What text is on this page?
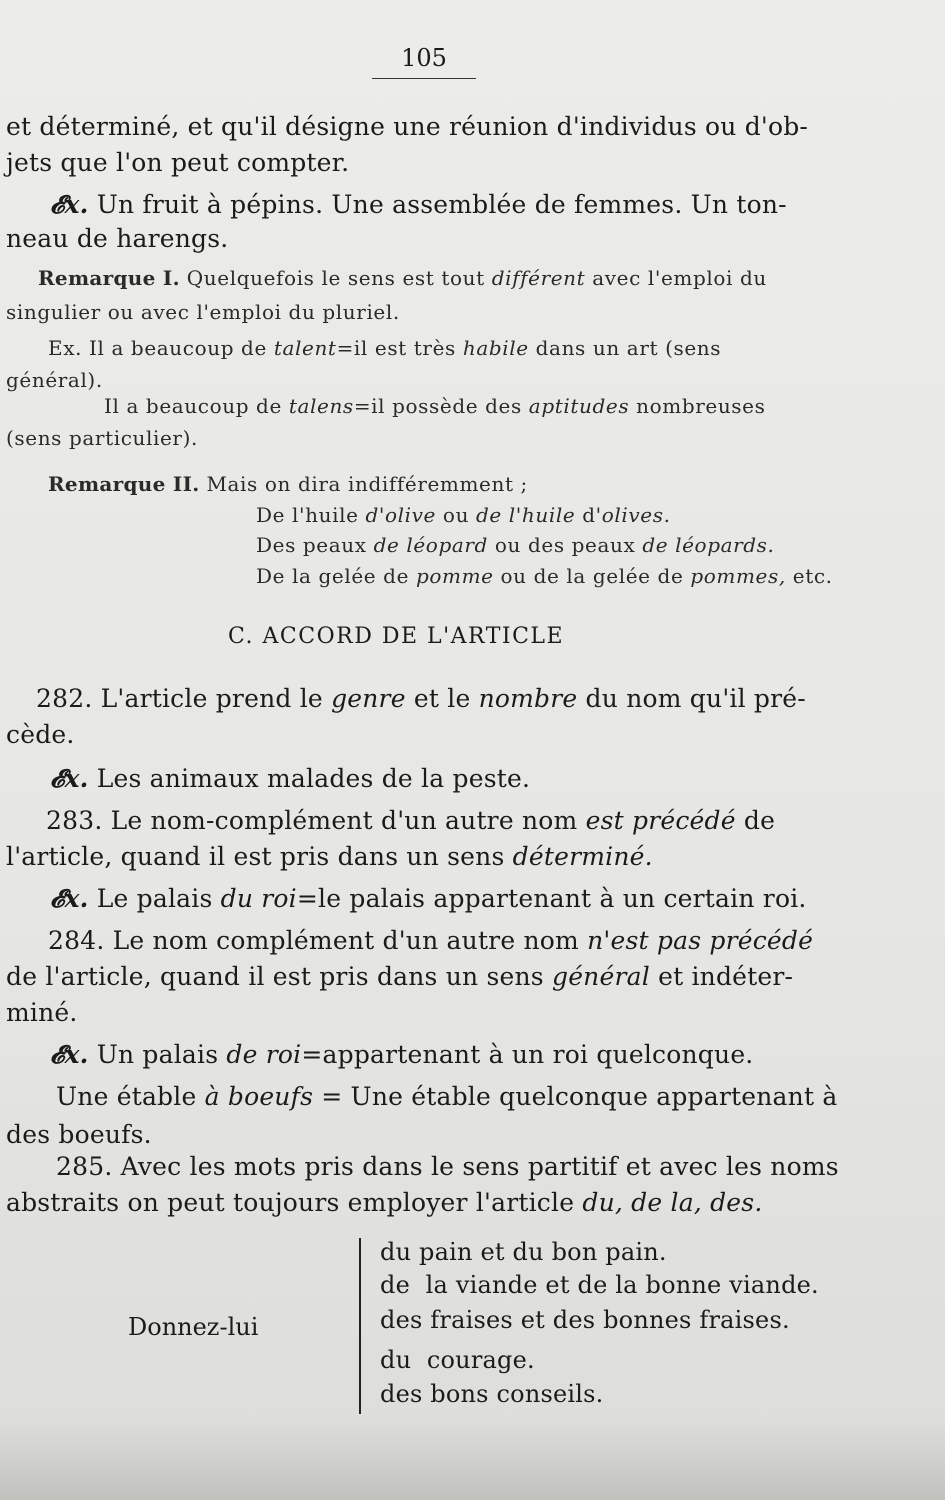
105
et déterminé, et qu'il désigne une réunion d'individus ou d'ob-
jets que l'on peut compter.
𝓔x. Un fruit à pépins. Une assemblée de femmes. Un ton-
neau de harengs.
Remarque I. Quelquefois le sens est tout différent avec l'emploi du
singulier ou avec l'emploi du pluriel.
Ex. Il a beaucoup de talent=il est très habile dans un art (sens
général).
Il a beaucoup de talens=il possède des aptitudes nombreuses
(sens particulier).
Remarque II. Mais on dira indifféremment ;
De l'huile d'olive ou de l'huile d'olives.
Des peaux de léopard ou des peaux de léopards.
De la gelée de pomme ou de la gelée de pommes, etc.
C. ACCORD DE L'ARTICLE
282. L'article prend le genre et le nombre du nom qu'il pré-
cède.
𝓔x. Les animaux malades de la peste.
283. Le nom-complément d'un autre nom est précédé de
l'article, quand il est pris dans un sens déterminé.
𝓔x. Le palais du roi=le palais appartenant à un certain roi.
284. Le nom complément d'un autre nom n'est pas précédé
de l'article, quand il est pris dans un sens général et indéter-
miné.
𝓔x. Un palais de roi=appartenant à un roi quelconque.
Une étable à boeufs = Une étable quelconque appartenant à
des boeufs.
285. Avec les mots pris dans le sens partitif et avec les noms
abstraits on peut toujours employer l'article du, de la, des.
Donnez-lui
du pain et du bon pain.
de  la viande et de la bonne viande.
des fraises et des bonnes fraises.
du  courage.
des bons conseils.
